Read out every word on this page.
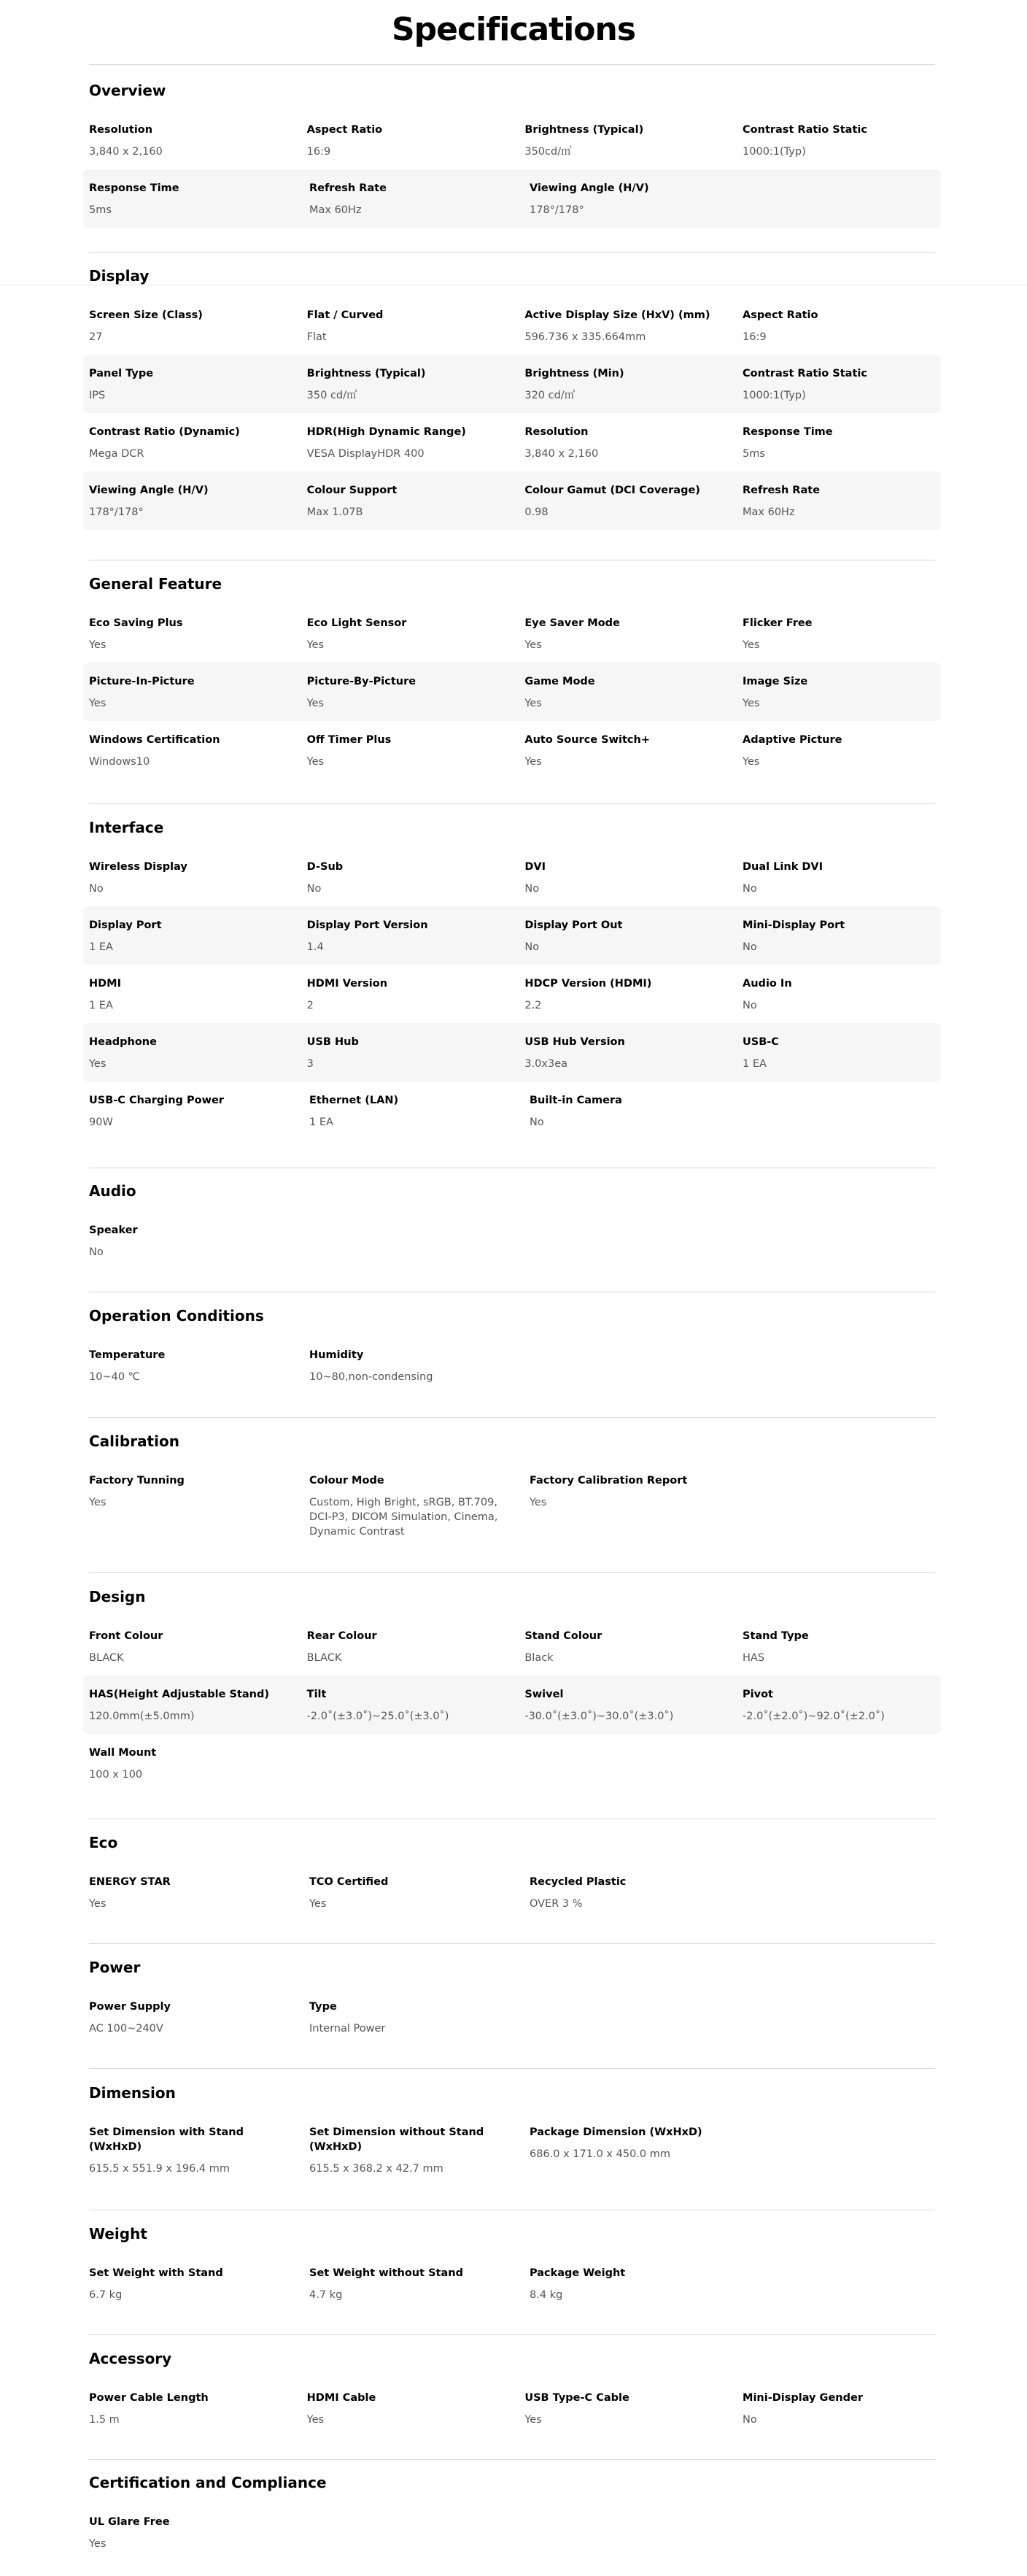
Specifications
Overview
Resolution
3,840 x 2,160
Aspect Ratio
16:9
Brightness (Typical)
350cd/㎡
Contrast Ratio Static
1000:1(Typ)
Response Time
5ms
Refresh Rate
Max 60Hz
Viewing Angle (H/V)
178°/178°
Display
Screen Size (Class)
27
Flat / Curved
Flat
Active Display Size (HxV) (mm)
596.736 x 335.664mm
Aspect Ratio
16:9
Panel Type
IPS
Brightness (Typical)
350 cd/㎡
Brightness (Min)
320 cd/㎡
Contrast Ratio Static
1000:1(Typ)
Contrast Ratio (Dynamic)
Mega DCR
HDR(High Dynamic Range)
VESA DisplayHDR 400
Resolution
3,840 x 2,160
Response Time
5ms
Viewing Angle (H/V)
178°/178°
Colour Support
Max 1.07B
Colour Gamut (DCI Coverage)
0.98
Refresh Rate
Max 60Hz
General Feature
Eco Saving Plus
Yes
Eco Light Sensor
Yes
Eye Saver Mode
Yes
Flicker Free
Yes
Picture-In-Picture
Yes
Picture-By-Picture
Yes
Game Mode
Yes
Image Size
Yes
Windows Certification
Windows10
Off Timer Plus
Yes
Auto Source Switch+
Yes
Adaptive Picture
Yes
Interface
Wireless Display
No
D-Sub
No
DVI
No
Dual Link DVI
No
Display Port
1 EA
Display Port Version
1.4
Display Port Out
No
Mini-Display Port
No
HDMI
1 EA
HDMI Version
2
HDCP Version (HDMI)
2.2
Audio In
No
Headphone
Yes
USB Hub
3
USB Hub Version
3.0x3ea
USB-C
1 EA
USB-C Charging Power
90W
Ethernet (LAN)
1 EA
Built-in Camera
No
Audio
Speaker
No
Operation Conditions
Temperature
10~40 ℃
Humidity
10~80,non-condensing
Calibration
Factory Tunning
Yes
Colour Mode
Custom, High Bright, sRGB, BT.709, DCI-P3, DICOM Simulation, Cinema, Dynamic Contrast
Factory Calibration Report
Yes
Design
Front Colour
BLACK
Rear Colour
BLACK
Stand Colour
Black
Stand Type
HAS
HAS(Height Adjustable Stand)
120.0mm(±5.0mm)
Tilt
-2.0˚(±3.0˚)~25.0˚(±3.0˚)
Swivel
-30.0˚(±3.0˚)~30.0˚(±3.0˚)
Pivot
-2.0˚(±2.0˚)~92.0˚(±2.0˚)
Wall Mount
100 x 100
Eco
ENERGY STAR
Yes
TCO Certified
Yes
Recycled Plastic
OVER 3 %
Power
Power Supply
AC 100~240V
Type
Internal Power
Dimension
Set Dimension with Stand (WxHxD)
615.5 x 551.9 x 196.4 mm
Set Dimension without Stand (WxHxD)
615.5 x 368.2 x 42.7 mm
Package Dimension (WxHxD)
686.0 x 171.0 x 450.0 mm
Weight
Set Weight with Stand
6.7 kg
Set Weight without Stand
4.7 kg
Package Weight
8.4 kg
Accessory
Power Cable Length
1.5 m
HDMI Cable
Yes
USB Type-C Cable
Yes
Mini-Display Gender
No
Certification and Compliance
UL Glare Free
Yes
